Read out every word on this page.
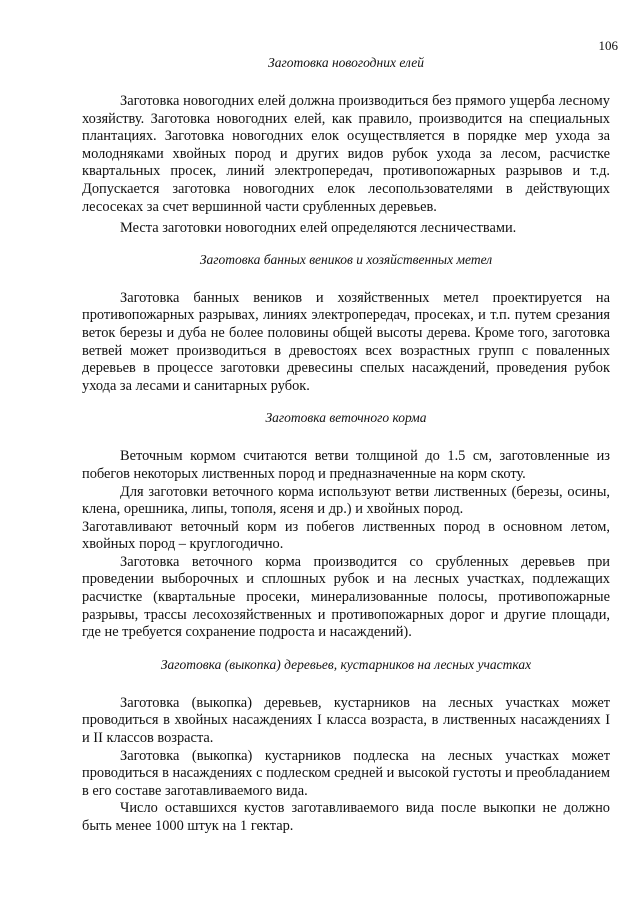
106
Заготовка новогодних елей

Заготовка новогодних елей должна производиться без прямого ущерба лесному хозяйству. Заготовка новогодних елей, как правило, производится на специальных плантациях. Заготовка новогодних елок осуществляется в порядке мер ухода за молодняками хвойных пород и других видов рубок ухода за лесом, расчистке квартальных просек, линий электропередач, противопожарных разрывов и т.д. Допускается заготовка новогодних елок лесопользователями в действующих лесосеках за счет вершинной части срубленных деревьев.

Места заготовки новогодних елей определяются лесничествами.

Заготовка банных веников и хозяйственных метел

Заготовка банных веников и хозяйственных метел проектируется на противопожарных разрывах, линиях электропередач, просеках, и т.п. путем срезания веток березы и дуба не более половины общей высоты дерева. Кроме того, заготовка ветвей может производиться в древостоях всех возрастных групп с поваленных деревьев в процессе заготовки древесины спелых насаждений, проведения рубок ухода за лесами и санитарных рубок.

Заготовка веточного корма

Веточным кормом считаются ветви толщиной до 1.5 см, заготовленные из побегов некоторых лиственных пород и предназначенные на корм скоту.

Для заготовки веточного корма используют ветви лиственных (березы, осины, клена, орешника, липы, тополя, ясеня и др.) и хвойных пород.

Заготавливают веточный корм из побегов лиственных пород в основном летом, хвойных пород – круглогодично.

Заготовка веточного корма производится со срубленных деревьев при проведении выборочных и сплошных рубок и на лесных участках, подлежащих расчистке (квартальные просеки, минерализованные полосы, противопожарные разрывы, трассы лесохозяйственных и противопожарных дорог и другие площади, где не требуется сохранение подроста и насаждений).

Заготовка (выкопка) деревьев, кустарников на лесных участках

Заготовка (выкопка) деревьев, кустарников на лесных участках может проводиться в хвойных насаждениях I класса возраста, в лиственных насаждениях I и II классов возраста.

Заготовка (выкопка) кустарников подлеска на лесных участках может проводиться в насаждениях с подлеском средней и высокой густоты и преобладанием в его составе заготавливаемого вида.

Число оставшихся кустов заготавливаемого вида после выкопки не должно быть менее 1000 штук на 1 гектар.
